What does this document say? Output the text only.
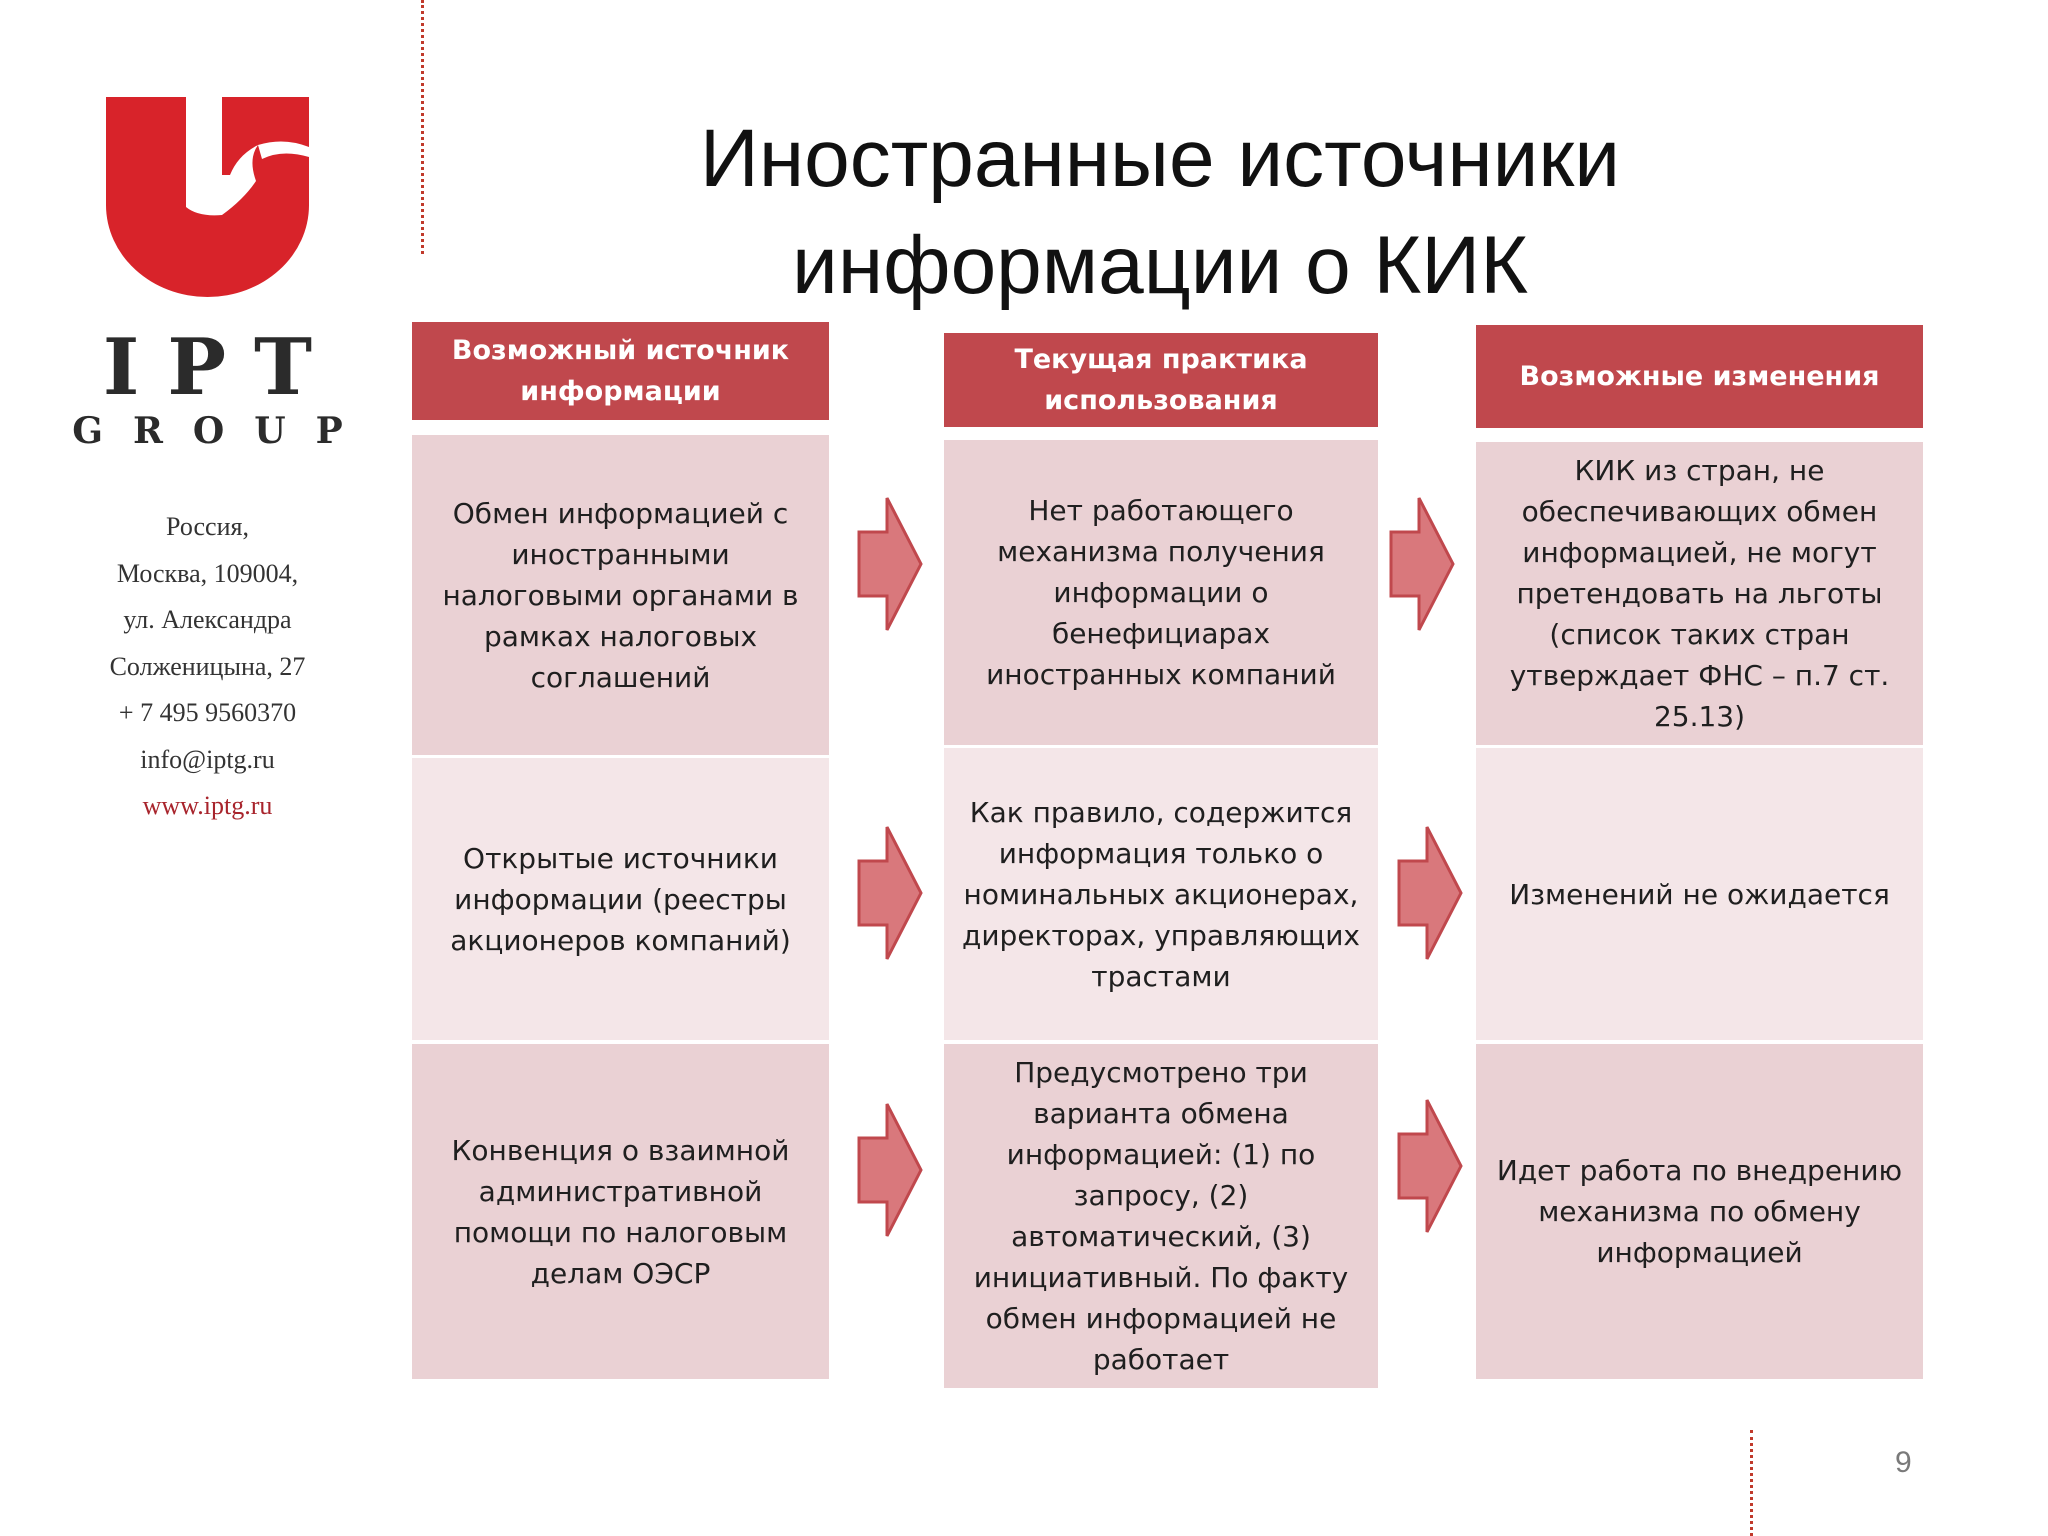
IPT
GROUP
Россия,
Москва, 109004,
ул. Александра
Солженицына, 27
+ 7 495 9560370
info@iptg.ru
www.iptg.ru
Иностранные источники
информации о КИК
Возможный источник
информации
Текущая практика
использования
Возможные изменения
Обмен информацией с
иностранными
налоговыми органами в
рамках налоговых
соглашений
Нет работающего
механизма получения
информации о
бенефициарах
иностранных компаний
КИК из стран, не
обеспечивающих обмен
информацией, не могут
претендовать на льготы
(список таких стран
утверждает ФНС – п.7 ст.
25.13)
Открытые источники
информации (реестры
акционеров компаний)
Как правило, содержится
информация только о
номинальных акционерах,
директорах, управляющих
трастами
Изменений не ожидается
Конвенция о взаимной
административной
помощи по налоговым
делам ОЭСР
Предусмотрено три
варианта обмена
информацией: (1) по
запросу, (2)
автоматический, (3)
инициативный. По факту
обмен информацией не
работает
Идет работа по внедрению
механизма по обмену
информацией
9
